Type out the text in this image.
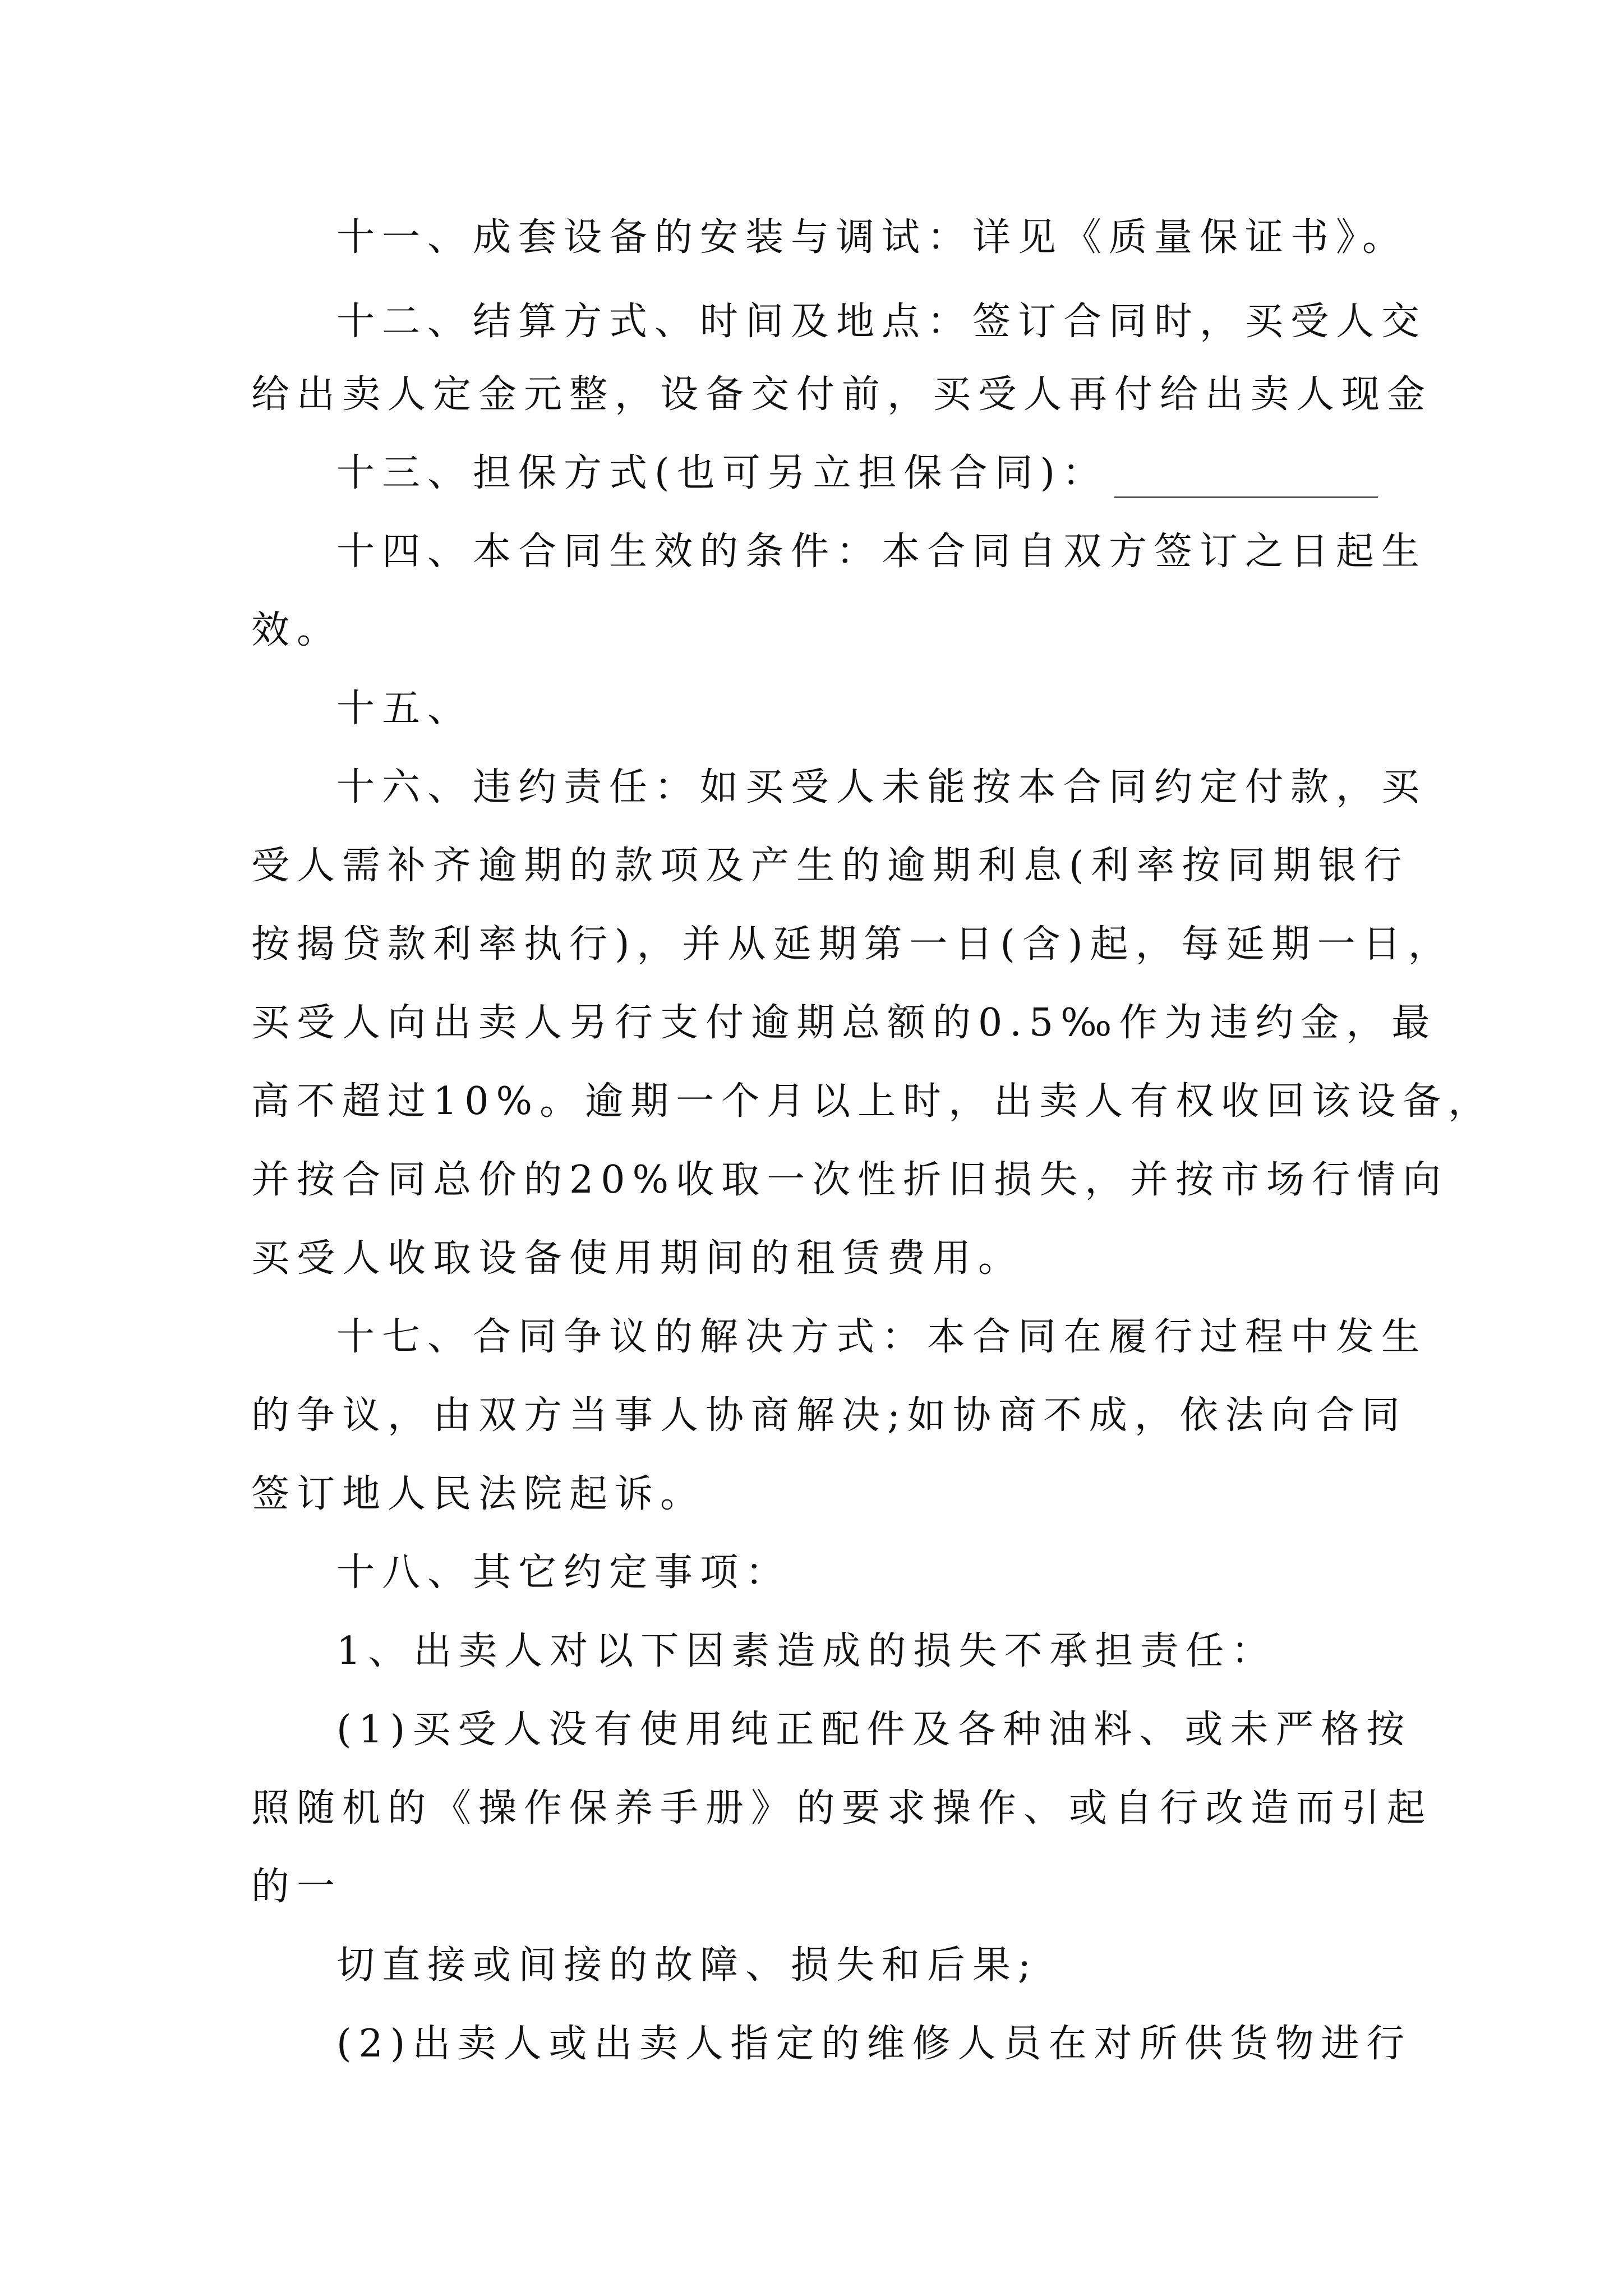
十一、成套设备的安装与调试：详见《质量保证书》。
十二、结算方式、时间及地点：签订合同时，买受人交
给出卖人定金元整，设备交付前，买受人再付给出卖人现金
十三、担保方式(也可另立担保合同)：
十四、本合同生效的条件：本合同自双方签订之日起生
效。
十五、
十六、违约责任：如买受人未能按本合同约定付款，买
受人需补齐逾期的款项及产生的逾期利息(利率按同期银行
按揭贷款利率执行)，并从延期第一日(含)起，每延期一日，
买受人向出卖人另行支付逾期总额的0.5‰作为违约金，最
高不超过10%。逾期一个月以上时，出卖人有权收回该设备，
并按合同总价的20%收取一次性折旧损失，并按市场行情向
买受人收取设备使用期间的租赁费用。
十七、合同争议的解决方式：本合同在履行过程中发生
的争议，由双方当事人协商解决;如协商不成，依法向合同
签订地人民法院起诉。
十八、其它约定事项：
1、出卖人对以下因素造成的损失不承担责任：
(1)买受人没有使用纯正配件及各种油料、或未严格按
照随机的《操作保养手册》的要求操作、或自行改造而引起
的一
切直接或间接的故障、损失和后果;
(2)出卖人或出卖人指定的维修人员在对所供货物进行
